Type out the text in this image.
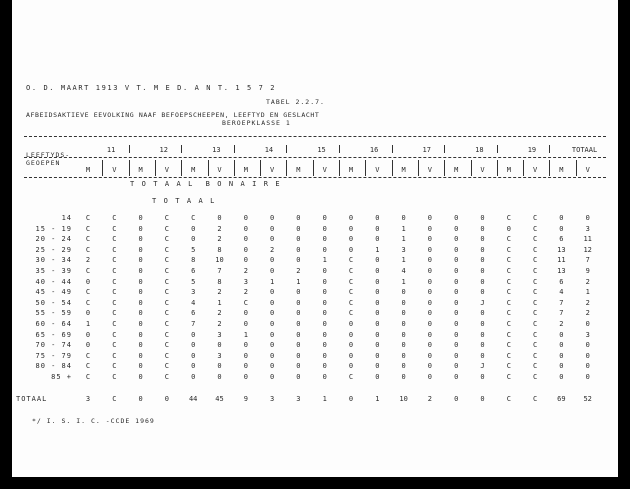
O. D. MAART 1913 V T. M E D. A N T. 1 5 7 2
TABEL 2.2.7.
AFBEIDSAKTIEVE EEVOLKING NAAF BEFOEPSCHEEPEN, LEEFTYD EN GESLACHT
BEROEPKLASSE 1
LEEFTYDS-
GEOEPEN
11	12	13	14	15	16	17	18	19	TOTAAL
M	V	M	V	M	V	M	V	M	V	M	V	M	V	M	V	M	V	M	V
14	C	C	0	C	C	0	0	0	0	0	0	0	0	0	0	0	C	C	0	0
15 - 19	C	C	0	C	0	2	0	0	0	0	0	0	1	0	0	0	0	C	0	3
20 - 24	C	C	0	C	0	2	0	0	0	0	0	0	1	0	0	0	C	C	6	11
25 - 29	C	C	0	C	5	8	0	2	0	0	0	1	3	0	0	0	C	C	13	12
30 - 34	2	C	0	C	8	10	0	0	0	1	C	0	1	0	0	0	C	C	11	7
35 - 39	C	C	0	C	6	7	2	0	2	0	C	0	4	0	0	0	C	C	13	9
40 - 44	0	C	0	C	5	8	3	1	1	0	C	0	1	0	0	0	C	C	6	2
45 - 49	C	C	0	C	3	2	2	0	0	0	C	0	0	0	0	0	C	C	4	1
50 - 54	C	C	0	C	4	1	C	0	0	0	C	0	0	0	0	J	C	C	7	2
55 - 59	0	C	0	C	6	2	0	0	0	0	C	0	0	0	0	0	C	C	7	2
60 - 64	1	C	0	C	7	2	0	0	0	0	0	0	0	0	0	0	C	C	2	0
65 - 69	0	C	0	C	0	3	1	0	0	0	0	0	0	0	0	0	C	C	0	3
70 - 74	0	C	0	C	0	0	0	0	0	0	0	0	0	0	0	0	C	C	0	0
75 - 79	C	C	0	C	0	3	0	0	0	0	0	0	0	0	0	0	C	C	0	0
80 - 84	C	C	0	C	0	0	0	0	0	0	0	0	0	0	0	J	C	C	0	0
85 +	C	C	0	C	0	0	0	0	0	0	C	0	0	0	0	0	C	C	0	0
TOTAAL	3	C	0	0	44	45	9	3	3	1	0	1	10	2	0	0	C	C	69	52
T O T A A L  B O N A I R E
T O T A A L
*/ I. S. I. C. -CCDE 1969
